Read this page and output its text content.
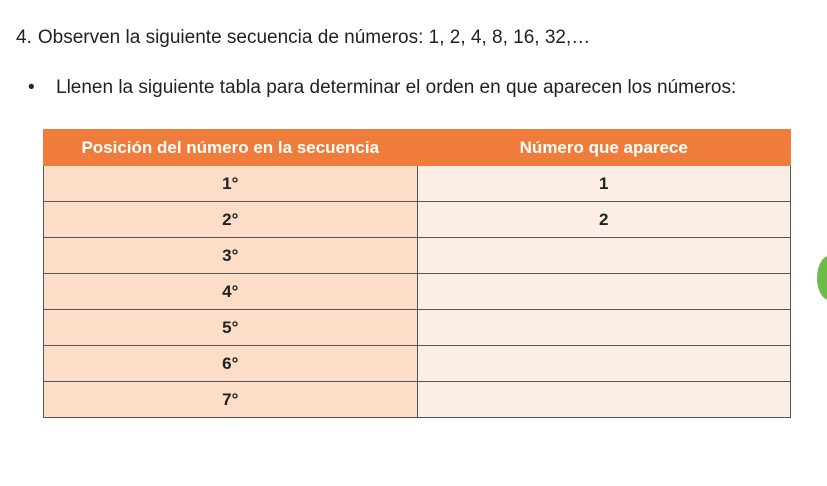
4. Observen la siguiente secuencia de números: 1, 2, 4, 8, 16, 32,…
• Llenen la siguiente tabla para determinar el orden en que aparecen los números:
Posición del número en la secuencia	Número que aparece
1°	1
2°	2
3°	
4°	
5°	
6°	
7°	
